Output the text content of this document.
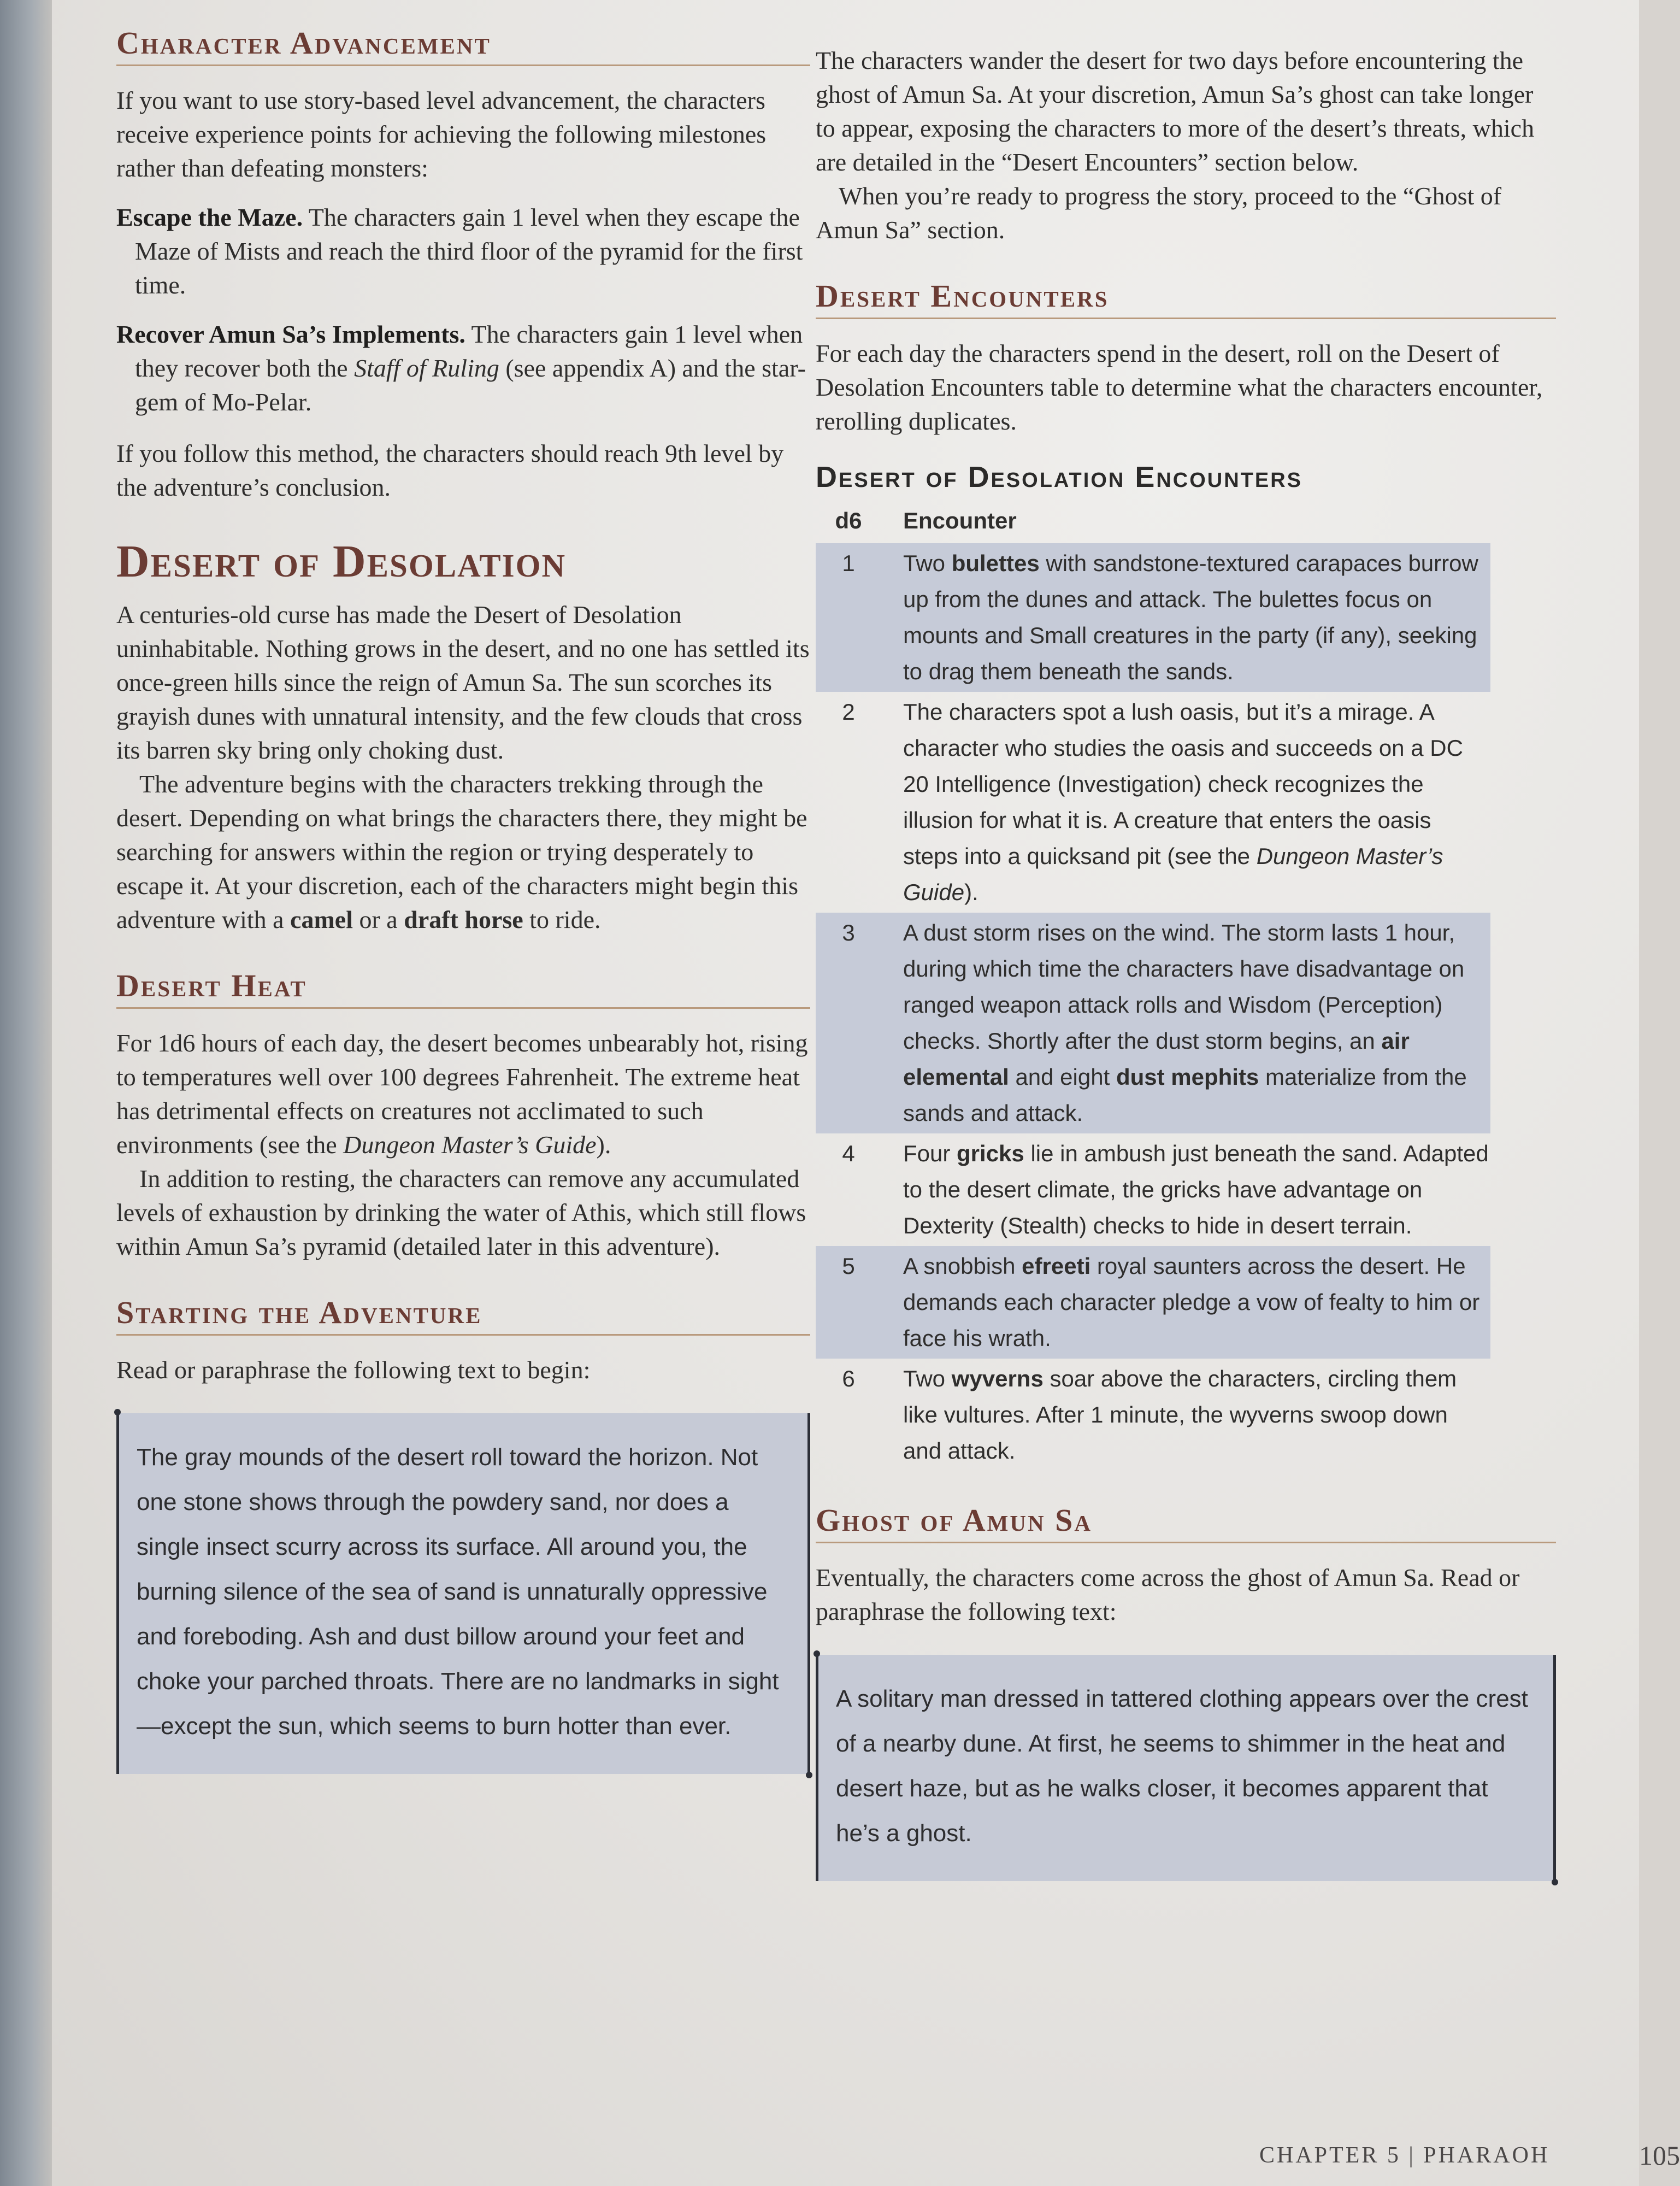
Character Advancement

If you want to use story-based level advancement, the characters receive experience points for achieving the following milestones rather than defeating monsters:

Escape the Maze. The characters gain 1 level when they escape the Maze of Mists and reach the third floor of the pyramid for the first time.

Recover Amun Sa’s Implements. The characters gain 1 level when they recover both the Staff of Ruling (see appendix A) and the star-gem of Mo-Pelar.

If you follow this method, the characters should reach 9th level by the adventure’s conclusion.

Desert of Desolation

A centuries-old curse has made the Desert of Desolation uninhabitable. Nothing grows in the desert, and no one has settled its once-green hills since the reign of Amun Sa. The sun scorches its grayish dunes with unnatural intensity, and the few clouds that cross its barren sky bring only choking dust.

The adventure begins with the characters trekking through the desert. Depending on what brings the characters there, they might be searching for answers within the region or trying desperately to escape it. At your discretion, each of the characters might begin this adventure with a camel or a draft horse to ride.

Desert Heat

For 1d6 hours of each day, the desert becomes unbearably hot, rising to temperatures well over 100 degrees Fahrenheit. The extreme heat has detrimental effects on creatures not acclimated to such environments (see the Dungeon Master’s Guide).

In addition to resting, the characters can remove any accumulated levels of exhaustion by drinking the water of Athis, which still flows within Amun Sa’s pyramid (detailed later in this adventure).

Starting the Adventure

Read or paraphrase the following text to begin:

The gray mounds of the desert roll toward the horizon. Not one stone shows through the powdery sand, nor does a single insect scurry across its surface. All around you, the burning silence of the sea of sand is unnaturally oppressive and foreboding. Ash and dust billow around your feet and choke your parched throats. There are no landmarks in sight—except the sun, which seems to burn hotter than ever.

The characters wander the desert for two days before encountering the ghost of Amun Sa. At your discretion, Amun Sa’s ghost can take longer to appear, exposing the characters to more of the desert’s threats, which are detailed in the “Desert Encounters” section below.

When you’re ready to progress the story, proceed to the “Ghost of Amun Sa” section.

Desert Encounters

For each day the characters spend in the desert, roll on the Desert of Desolation Encounters table to determine what the characters encounter, rerolling duplicates.

Desert of Desolation Encounters
d6	Encounter
1	Two bulettes with sandstone-textured carapaces burrow up from the dunes and attack. The bulettes focus on mounts and Small creatures in the party (if any), seeking to drag them beneath the sands.
2	The characters spot a lush oasis, but it’s a mirage. A character who studies the oasis and succeeds on a DC 20 Intelligence (Investigation) check recognizes the illusion for what it is. A creature that enters the oasis steps into a quicksand pit (see the Dungeon Master’s Guide).
3	A dust storm rises on the wind. The storm lasts 1 hour, during which time the characters have disadvantage on ranged weapon attack rolls and Wisdom (Perception) checks. Shortly after the dust storm begins, an air elemental and eight dust mephits materialize from the sands and attack.
4	Four gricks lie in ambush just beneath the sand. Adapted to the desert climate, the gricks have advantage on Dexterity (Stealth) checks to hide in desert terrain.
5	A snobbish efreeti royal saunters across the desert. He demands each character pledge a vow of fealty to him or face his wrath.
6	Two wyverns soar above the characters, circling them like vultures. After 1 minute, the wyverns swoop down and attack.
Ghost of Amun Sa

Eventually, the characters come across the ghost of Amun Sa. Read or paraphrase the following text:

A solitary man dressed in tattered clothing appears over the crest of a nearby dune. At first, he seems to shimmer in the heat and desert haze, but as he walks closer, it becomes apparent that he’s a ghost.

CHAPTER 5 | PHARAOH	105
